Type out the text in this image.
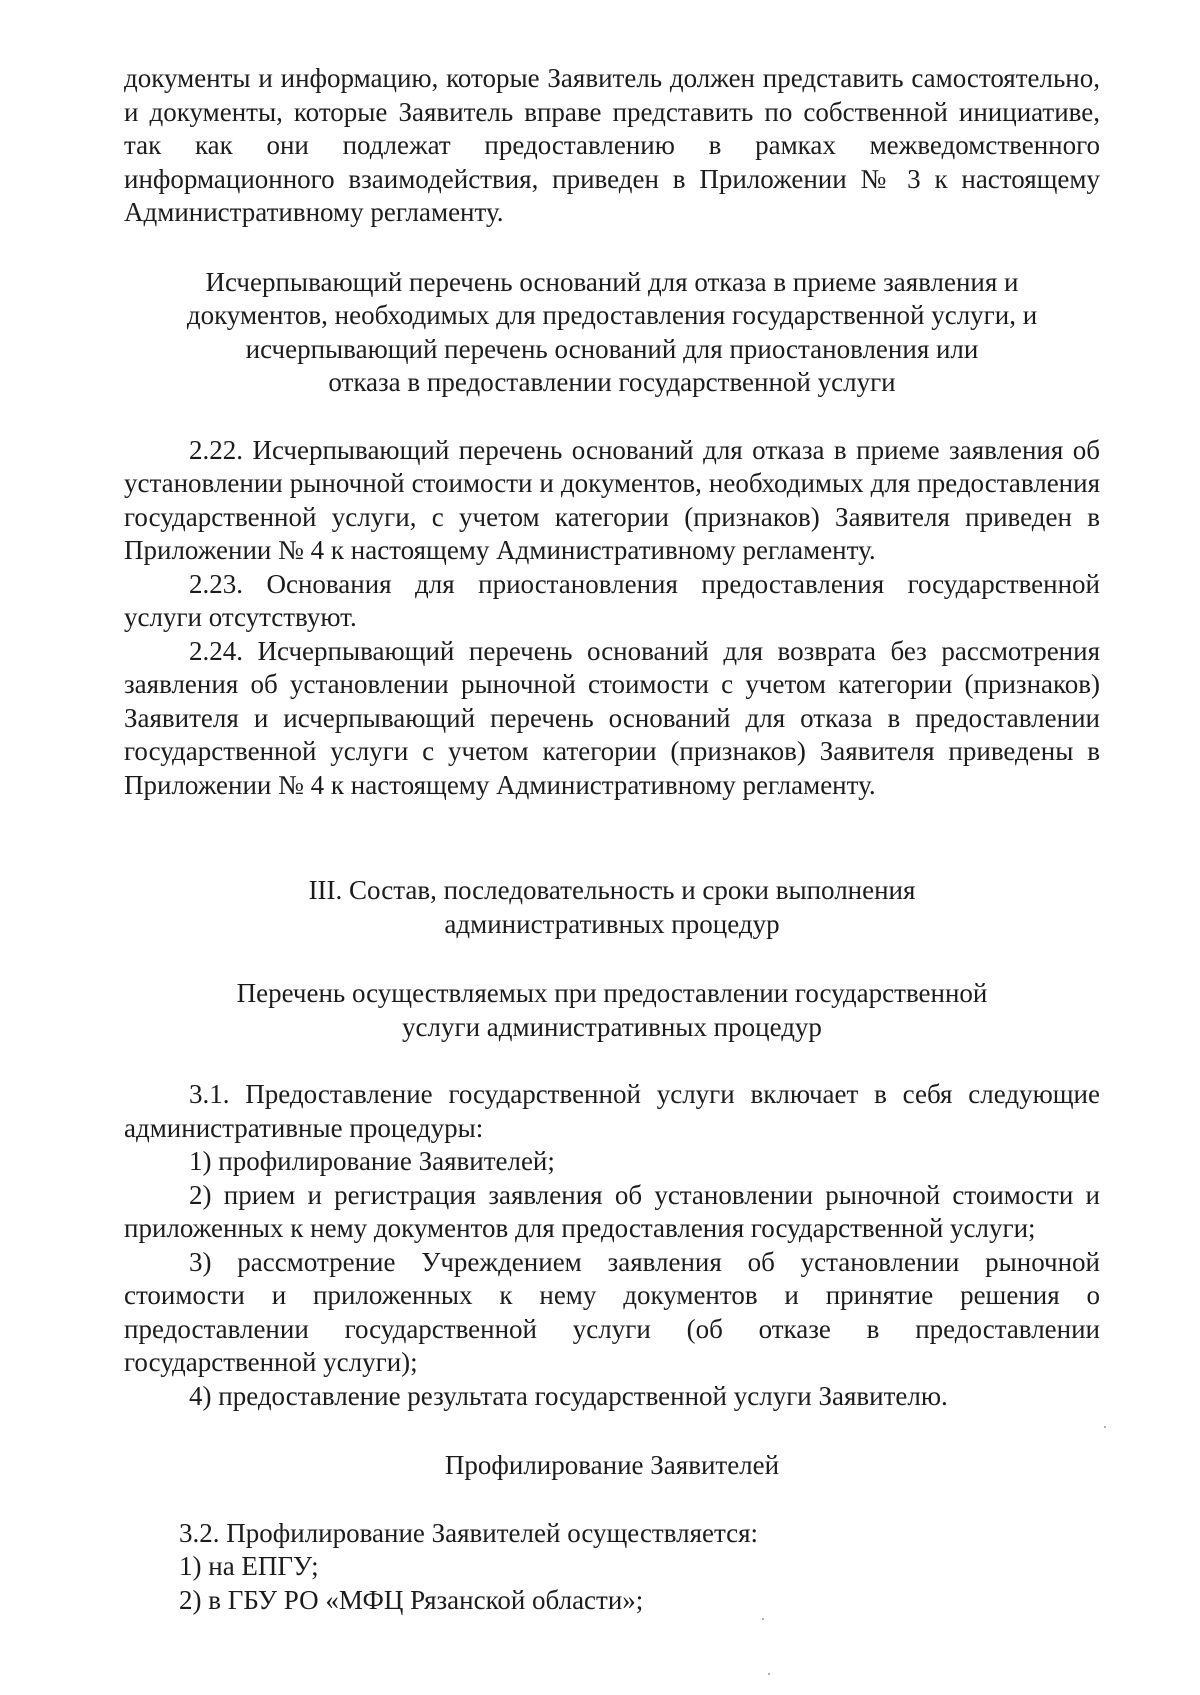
документы и информацию, которые Заявитель должен представить самостоятельно, и документы, которые Заявитель вправе представить по собственной инициативе, так как они подлежат предоставлению в рамках межведомственного информационного взаимодействия, приведен в Приложении № 3 к настоящему Административному регламенту.

Исчерпывающий перечень оснований для отказа в приеме заявления и
документов, необходимых для предоставления государственной услуги, и
исчерпывающий перечень оснований для приостановления или
отказа в предоставлении государственной услуги

2.22. Исчерпывающий перечень оснований для отказа в приеме заявления об установлении рыночной стоимости и документов, необходимых для предоставления государственной услуги, с учетом категории (признаков) Заявителя приведен в Приложении № 4 к настоящему Административному регламенту.

2.23. Основания для приостановления предоставления государственной услуги отсутствуют.

2.24. Исчерпывающий перечень оснований для возврата без рассмотрения заявления об установлении рыночной стоимости с учетом категории (признаков) Заявителя и исчерпывающий перечень оснований для отказа в предоставлении государственной услуги с учетом категории (признаков) Заявителя приведены в Приложении № 4 к настоящему Административному регламенту.

III. Состав, последовательность и сроки выполнения
административных процедур
Перечень осуществляемых при предоставлении государственной
услуги административных процедур

3.1. Предоставление государственной услуги включает в себя следующие административные процедуры:

1) профилирование Заявителей;

2) прием и регистрация заявления об установлении рыночной стоимости и приложенных к нему документов для предоставления государственной услуги;

3) рассмотрение Учреждением заявления об установлении рыночной стоимости и приложенных к нему документов и принятие решения о предоставлении государственной услуги (об отказе в предоставлении государственной услуги);

4) предоставление результата государственной услуги Заявителю.

Профилирование Заявителей

3.2. Профилирование Заявителей осуществляется:

1) на ЕПГУ;

2) в ГБУ РО «МФЦ Рязанской области»;
